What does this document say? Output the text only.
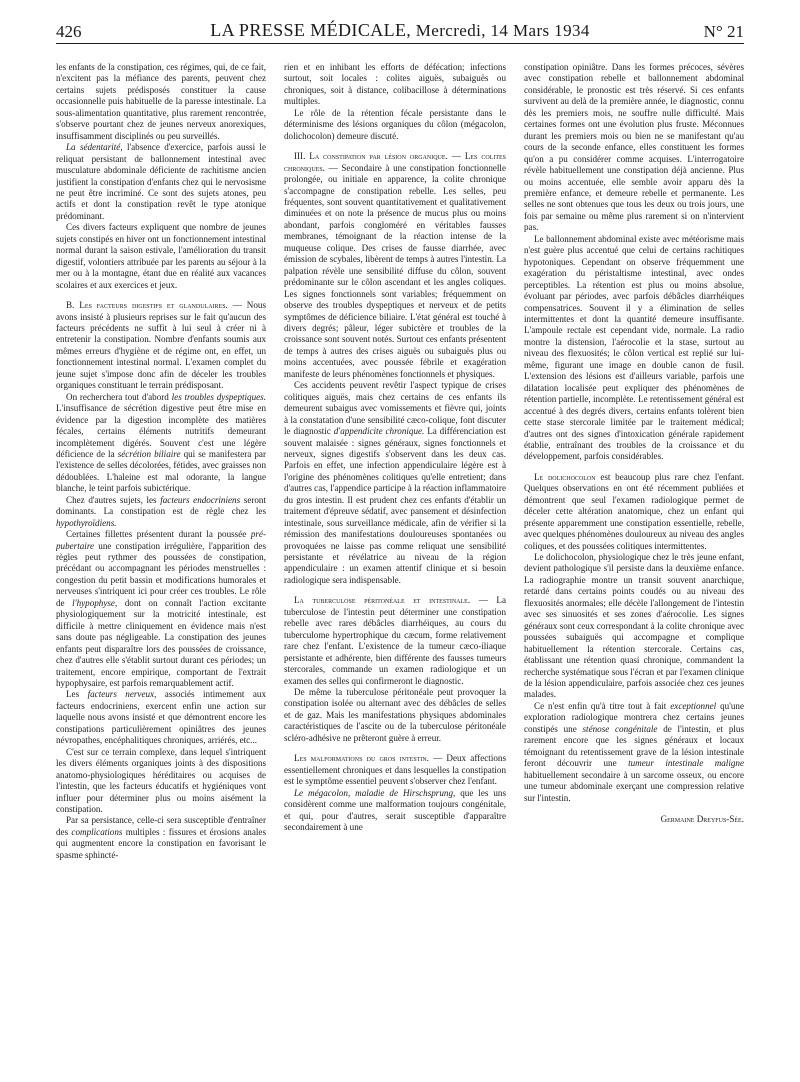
426	LA PRESSE MÉDICALE, Mercredi, 14 Mars 1934	N° 21

les enfants de la constipation, ces régimes, qui, de ce fait, n'excitent pas la méfiance des parents, peuvent chez certains sujets prédisposés constituer la cause occasionnelle puis habituelle de la paresse intestinale. La sous-alimentation quantitative, plus rarement rencontrée, s'observe pourtant chez de jeunes nerveux anorexiques, insuffisamment disciplinés ou peu surveillés.

La sédentarité, l'absence d'exercice, parfois aussi le reliquat persistant de ballonnement intestinal avec musculature abdominale déficiente de rachitisme ancien justifient la constipation d'enfants chez qui le nervosisme ne peut être incriminé. Ce sont des sujets atones, peu actifs et dont la constipation revêt le type atonique prédominant.

Ces divers facteurs expliquent que nombre de jeunes sujets constipés en hiver ont un fonctionnement intestinal normal durant la saison estivale, l'amélioration du transit digestif, volontiers attribuée par les parents au séjour à la mer ou à la montagne, étant due en réalité aux vacances scolaires et aux exercices et jeux.

B. Les facteurs digestifs et glandulaires. — Nous avons insisté à plusieurs reprises sur le fait qu'aucun des facteurs précédents ne suffit à lui seul à créer ni à entretenir la constipation. Nombre d'enfants soumis aux mêmes erreurs d'hygiène et de régime ont, en effet, un fonctionnement intestinal normal. L'examen complet du jeune sujet s'impose donc afin de déceler les troubles organiques constituant le terrain prédisposant.

On recherchera tout d'abord les troubles dyspeptiques. L'insuffisance de sécrétion digestive peut être mise en évidence par la digestion incomplète des matières fécales, certains éléments nutritifs demeurant incomplètement digérés. Souvent c'est une légère déficience de la sécrétion biliaire qui se manifestera par l'existence de selles décolorées, fétides, avec graisses non dédoublées. L'haleine est mal odorante, la langue blanche, le teint parfois subictérique.

Chez d'autres sujets, les facteurs endocriniens seront dominants. La constipation est de règle chez les hypothyroïdiens.

Certaines fillettes présentent durant la poussée pré-pubertaire une constipation irrégulière, l'apparition des règles peut rythmer des poussées de constipation, précédant ou accompagnant les périodes menstruelles : congestion du petit bassin et modifications humorales et nerveuses s'intriquent ici pour créer ces troubles. Le rôle de l'hypophyse, dont on connaît l'action excitante physiologiquement sur la motricité intestinale, est difficile à mettre cliniquement en évidence mais n'est sans doute pas négligeable. La constipation des jeunes enfants peut disparaître lors des poussées de croissance, chez d'autres elle s'établit surtout durant ces périodes; un traitement, encore empirique, comportant de l'extrait hypophysaire, est parfois remarquablement actif.

Les facteurs nerveux, associés intimement aux facteurs endocriniens, exercent enfin une action sur laquelle nous avons insisté et que démontrent encore les constipations particulièrement opiniâtres des jeunes névropathes, encéphalitiques chroniques, arriérés, etc...

C'est sur ce terrain complexe, dans lequel s'intriquent les divers éléments organiques joints à des dispositions anatomo-physiologiques héréditaires ou acquises de l'intestin, que les facteurs éducatifs et hygiéniques vont influer pour déterminer plus ou moins aisément la constipation.

Par sa persistance, celle-ci sera susceptible d'entraîner des complications multiples : fissures et érosions anales qui augmentent encore la constipation en favorisant le spasme sphincté-

rien et en inhibant les efforts de défécation; infections surtout, soit locales : colites aiguës, subaiguës ou chroniques, soit à distance, colibacillose à déterminations multiples.

Le rôle de la rétention fécale persistante dans le déterminisme des lésions organiques du côlon (mégacolon, dolichocolon) demeure discuté.

III. La constipation par lésion organique. — Les colites chroniques. — Secondaire à une constipation fonctionnelle prolongée, ou initiale en apparence, la colite chronique s'accompagne de constipation rebelle. Les selles, peu fréquentes, sont souvent quantitativement et qualitativement diminuées et on note la présence de mucus plus ou moins abondant, parfois congloméré en véritables fausses membranes, témoignant de la réaction intense de la muqueuse colique. Des crises de fausse diarrhée, avec émission de scybales, libèrent de temps à autres l'intestin. La palpation révèle une sensibilité diffuse du côlon, souvent prédominante sur le côlon ascendant et les angles coliques. Les signes fonctionnels sont variables; fréquemment on observe des troubles dyspeptiques et nerveux et de petits symptômes de déficience biliaire. L'état général est touché à divers degrés; pâleur, léger subictère et troubles de la croissance sont souvent notés. Surtout ces enfants présentent de temps à autres des crises aiguës ou subaiguës plus ou moins accentuées, avec poussée fébrile et exagération manifeste de leurs phénomènes fonctionnels et physiques.

Ces accidents peuvent revêtir l'aspect typique de crises colitiques aiguës, mais chez certains de ces enfants ils demeurent subaigus avec vomissements et fièvre qui, joints à la constatation d'une sensibilité cæco-colique, font discuter le diagnostic d'appendicite chronique. La différenciation est souvent malaisée : signes généraux, signes fonctionnels et nerveux, signes digestifs s'observent dans les deux cas. Parfois en effet, une infection appendiculaire légère est à l'origine des phénomènes colitiques qu'elle entretient; dans d'autres cas, l'appendice participe à la réaction inflammatoire du gros intestin. Il est prudent chez ces enfants d'établir un traitement d'épreuve sédatif, avec pansement et désinfection intestinale, sous surveillance médicale, afin de vérifier si la rémission des manifestations douloureuses spontanées ou provoquées ne laisse pas comme reliquat une sensibilité persistante et révélatrice au niveau de la région appendiculaire : un examen attentif clinique et si besoin radiologique sera indispensable.

La tuberculose péritonéale et intestinale. — La tuberculose de l'intestin peut déterminer une constipation rebelle avec rares débâcles diarrhéiques, au cours du tuberculome hypertrophique du cæcum, forme relativement rare chez l'enfant. L'existence de la tumeur cæco-iliaque persistante et adhérente, bien différente des fausses tumeurs stercorales, commande un examen radiologique et un examen des selles qui confirmeront le diagnostic.

De même la tuberculose péritonéale peut provoquer la constipation isolée ou alternant avec des débâcles de selles et de gaz. Mais les manifestations physiques abdominales caractéristiques de l'ascite ou de la tuberculose péritonéale scléro-adhésive ne prêteront guère à erreur.

Les malformations du gros intestin. — Deux affections essentiellement chroniques et dans lesquelles la constipation est le symptôme essentiel peuvent s'observer chez l'enfant.

Le mégacolon, maladie de Hirschsprung, que les uns considèrent comme une malformation toujours congénitale, et qui, pour d'autres, serait susceptible d'apparaître secondairement à une

constipation opiniâtre. Dans les formes précoces, sévères avec constipation rebelle et ballonnement abdominal considérable, le pronostic est très réservé. Si ces enfants survivent au delà de la première année, le diagnostic, connu dès les premiers mois, ne souffre nulle difficulté. Mais certaines formes ont une évolution plus fruste. Méconnues durant les premiers mois ou bien ne se manifestant qu'au cours de la seconde enfance, elles constituent les formes qu'on a pu considérer comme acquises. L'interrogatoire révèle habituellement une constipation déjà ancienne. Plus ou moins accentuée, elle semble avoir apparu dès la première enfance, et demeure rebelle et permanente. Les selles ne sont obtenues que tous les deux ou trois jours, une fois par semaine ou même plus rarement si on n'intervient pas.

Le ballonnement abdominal existe avec météorisme mais n'est guère plus accentué que celui de certains rachitiques hypotoniques. Cependant on observe fréquemment une exagération du péristaltisme intestinal, avec ondes perceptibles. La rétention est plus ou moins absolue, évoluant par périodes, avec parfois débâcles diarrhéiques compensatrices. Souvent il y a élimination de selles intermittentes et dont la quantité demeure insuffisante. L'ampoule rectale est cependant vide, normale. La radio montre la distension, l'aérocolie et la stase, surtout au niveau des flexuosités; le côlon vertical est replié sur lui-même, figurant une image en double canon de fusil. L'extension des lésions est d'ailleurs variable, parfois une dilatation localisée peut expliquer des phénomènes de rétention partielle, incomplète. Le retentissement général est accentué à des degrés divers, certains enfants tolèrent bien cette stase stercorale limitée par le traitement médical; d'autres ont des signes d'intoxication générale rapidement établie, entraînant des troubles de la croissance et du développement, parfois considérables.

Le dolichocolon est beaucoup plus rare chez l'enfant. Quelques observations en ont été récemment publiées et démontrent que seul l'examen radiologique permet de déceler cette altération anatomique, chez un enfant qui présente apparemment une constipation essentielle, rebelle, avec quelques phénomènes douloureux au niveau des angles coliques, et des poussées colitiques intermittentes.

Le dolichocolon, physiologique chez le très jeune enfant, devient pathologique s'il persiste dans la deuxième enfance. La radiographie montre un transit souvent anarchique, retardé dans certains points coudés ou au niveau des flexuosités anormales; elle décèle l'allongement de l'intestin avec ses sinuosités et ses zones d'aérocolie. Les signes généraux sont ceux correspondant à la colite chronique avec poussées subaiguës qui accompagne et complique habituellement la rétention stercorale. Certains cas, établissant une rétention quasi chronique, commandent la recherche systématique sous l'écran et par l'examen clinique de la lésion appendiculaire, parfois associée chez ces jeunes malades.

Ce n'est enfin qu'à titre tout à fait exceptionnel qu'une exploration radiologique montrera chez certains jeunes constipés une sténose congénitale de l'intestin, et plus rarement encore que les signes généraux et locaux témoignant du retentissement grave de la lésion intestinale feront découvrir une tumeur intestinale maligne habituellement secondaire à un sarcome osseux, ou encore une tumeur abdominale exerçant une compression relative sur l'intestin.

Germaine Dreyfus-Sée.
